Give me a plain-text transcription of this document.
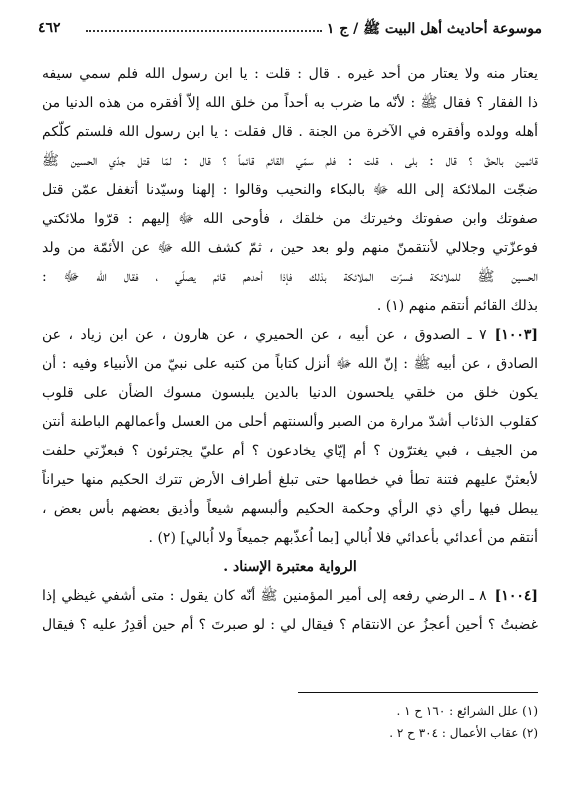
موسوعة أحاديث أهل البيت ﷺ / ج ١
٤٦٢
يعتار منه ولا يعتار من أحد غيره . قال : قلت : يا ابن رسول الله فلم سمي سيفه
ذا الفقار ؟ فقال ﷺ : لأنّه ما ضرب به أحداً من خلق الله إلاّ أفقره من هذه الدنيا من
أهله وولده وأفقره في الآخرة من الجنة . قال فقلت : يا ابن رسول الله فلستم كلّكم
قائمين بالحقّ ؟ قال : بلى ، قلت : فلم سمّي القائم قائماً ؟ قال : لمّا قتل جدّي الحسين ﷺ
ضجّت الملائكة إلى الله ﷻ بالبكاء والنحيب وقالوا : إلهنا وسيّدنا أتغفل عمّن قتل
صفوتك وابن صفوتك وخيرتك من خلقك ، فأوحى الله ﷻ إليهم : قرّوا ملائكتي
فوعزّتي وجلالي لأنتقمنّ منهم ولو بعد حين ، ثمّ كشف الله ﷻ عن الأئمّة من ولد
الحسين ﷺ للملائكة فسرّت الملائكة بذلك فإذا أحدهم قائم يصلّي ، فقال الله ﷻ :
بذلك القائم أنتقم منهم (١) .
[١٠٠٣]٧ ـ الصدوق ، عن أبيه ، عن الحميري ، عن هارون ، عن ابن زياد ، عن
الصادق ، عن أبيه ﷺ : إنّ الله ﷻ أنزل كتاباً من كتبه على نبيّ من الأنبياء وفيه : أن
يكون خلق من خلقي يلحسون الدنيا بالدين يلبسون مسوك الضأن على قلوب
كقلوب الذئاب أشدّ مرارة من الصبر وألسنتهم أحلى من العسل وأعمالهم الباطنة أنتن
من الجيف ، فبي يغترّون ؟ أم إيّاي يخادعون ؟ أم عليّ يجترئون ؟ فبعزّتي حلفت
لأبعثنّ عليهم فتنة تطأ في خطامها حتى تبلغ أطراف الأرض تترك الحكيم منها حيراناً
يبطل فيها رأي ذي الرأي وحكمة الحكيم وألبسهم شيعاً وأذيق بعضهم بأس بعض ،
أنتقم من أعدائي بأعدائي فلا اُبالي [بما اُعذّبهم جميعاً ولا اُبالي] (٢) .
الرواية معتبرة الإسناد .
[١٠٠٤]٨ ـ الرضي رفعه إلى أمير المؤمنين ﷺ أنّه كان يقول : متى أشفي غيظي إذا
غضبتُ ؟ أحين أعجزُ عن الانتقام ؟ فيقال لي : لو صبرتَ ؟ أم حين أقدِرُ عليه ؟ فيقال
(١) علل الشرائع : ١٦٠ ح ١ .
(٢) عقاب الأعمال : ٣٠٤ ح ٢ .
